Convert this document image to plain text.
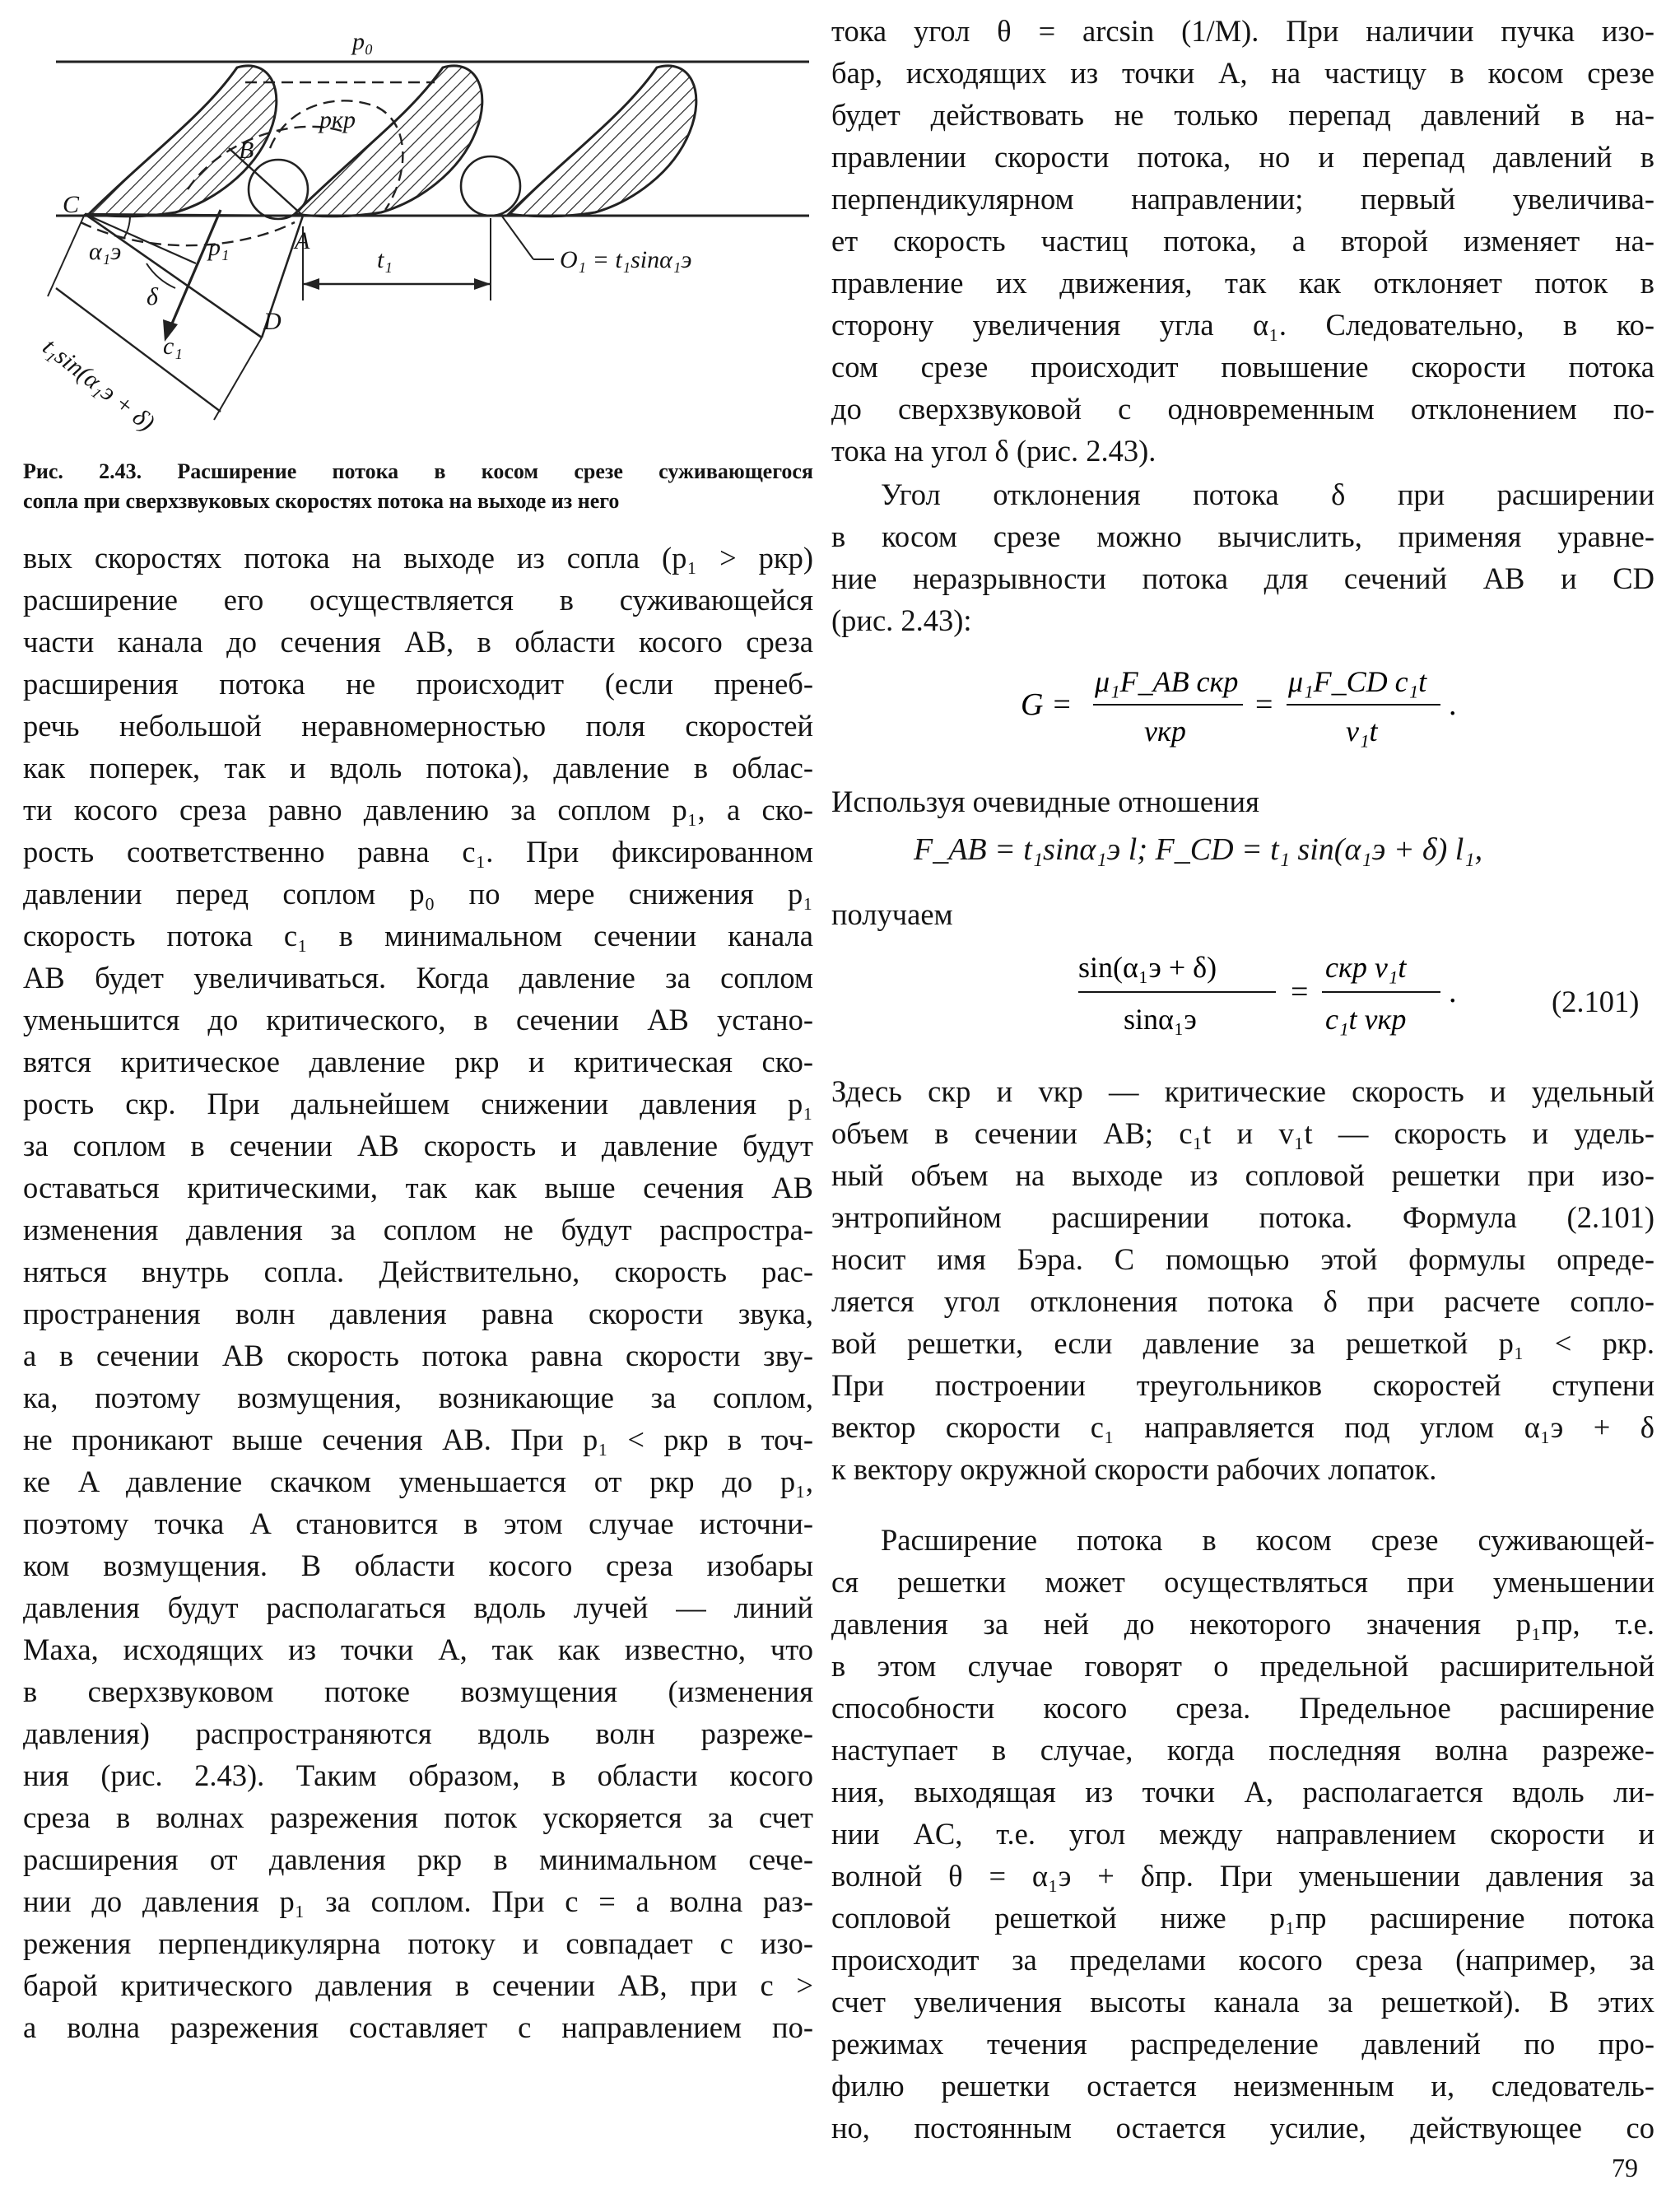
p₀
pкр
B
C
p₁	A
t₁
α₁э
δ
c₁
D
O₁ = t₁sinα₁э
t₁sin(α₁э + δ)

Рис. 2.43. Расширение потока в косом срезе суживающегося
сопла при сверхзвуковых скоростях потока на выходе из него

вых скоростях потока на выходе из сопла (p₁ > pкр)
расширение его осуществляется в суживающейся
части канала до сечения AB, в области косого среза
расширения потока не происходит (если пренеб-
речь небольшой неравномерностью поля скоростей
как поперек, так и вдоль потока), давление в облас-
ти косого среза равно давлению за соплом p₁, а ско-
рость соответственно равна c₁. При фиксированном
давлении перед соплом p₀ по мере снижения p₁
скорость потока c₁ в минимальном сечении канала
AB будет увеличиваться. Когда давление за соплом
уменьшится до критического, в сечении AB устано-
вятся критическое давление pкр и критическая ско-
рость cкр. При дальнейшем снижении давления p₁
за соплом в сечении AB скорость и давление будут
оставаться критическими, так как выше сечения AB
изменения давления за соплом не будут распростра-
няться внутрь сопла. Действительно, скорость рас-
пространения волн давления равна скорости звука,
а в сечении AB скорость потока равна скорости зву-
ка, поэтому возмущения, возникающие за соплом,
не проникают выше сечения AB. При p₁ < pкр в точ-
ке A давление скачком уменьшается от pкр до p₁,
поэтому точка A становится в этом случае источни-
ком возмущения. В области косого среза изобары
давления будут располагаться вдоль лучей — линий
Маха, исходящих из точки A, так как известно, что
в сверхзвуковом потоке возмущения (изменения
давления) распространяются вдоль волн разреже-
ния (рис. 2.43). Таким образом, в области косого
среза в волнах разрежения поток ускоряется за счет
расширения от давления pкр в минимальном сече-
нии до давления p₁ за соплом. При c = a волна раз-
режения перпендикулярна потоку и совпадает с изо-
барой критического давления в сечении AB, при c >
a волна разрежения составляет с направлением по-

тока угол θ = arcsin (1/M). При наличии пучка изо-
бар, исходящих из точки A, на частицу в косом срезе
будет действовать не только перепад давлений в на-
правлении скорости потока, но и перепад давлений в
перпендикулярном направлении; первый увеличива-
ет скорость частиц потока, а второй изменяет на-
правление их движения, так как отклоняет поток в
сторону увеличения угла α₁. Следовательно, в ко-
сом срезе происходит повышение скорости потока
до сверхзвуковой с одновременным отклонением по-
тока на угол δ (рис. 2.43).

Угол отклонения потока δ при расширении
в косом срезе можно вычислить, применяя уравне-
ние неразрывности потока для сечений AB и CD
(рис. 2.43):

G =
μ₁F_AB cкр
vкр
=
μ₁F_CD c₁t
v₁t
.

Используя очевидные отношения

F_AB = t₁sinα₁э l; F_CD = t₁ sin(α₁э + δ) l₁,

получаем

sin(α₁э + δ)
sinα₁э
=
cкр v₁t
c₁t vкр
.	(2.101)

Здесь cкр и vкр — критические скорость и удельный
объем в сечении AB; c₁t и v₁t — скорость и удель-
ный объем на выходе из сопловой решетки при изо-
энтропийном расширении потока. Формула (2.101)
носит имя Бэра. С помощью этой формулы опреде-
ляется угол отклонения потока δ при расчете сопло-
вой решетки, если давление за решеткой p₁ < pкр.
При построении треугольников скоростей ступени
вектор скорости c₁ направляется под углом α₁э + δ
к вектору окружной скорости рабочих лопаток.

Расширение потока в косом срезе суживающей-
ся решетки может осуществляться при уменьшении
давления за ней до некоторого значения p₁пр, т.е.
в этом случае говорят о предельной расширительной
способности косого среза. Предельное расширение
наступает в случае, когда последняя волна разреже-
ния, выходящая из точки A, располагается вдоль ли-
нии AC, т.е. угол между направлением скорости и
волной θ = α₁э + δпр. При уменьшении давления за
сопловой решеткой ниже p₁пр расширение потока
происходит за пределами косого среза (например, за
счет увеличения высоты канала за решеткой). В этих
режимах течения распределение давлений по про-
филю решетки остается неизменным и, следователь-
но, постоянным остается усилие, действующее со

79
